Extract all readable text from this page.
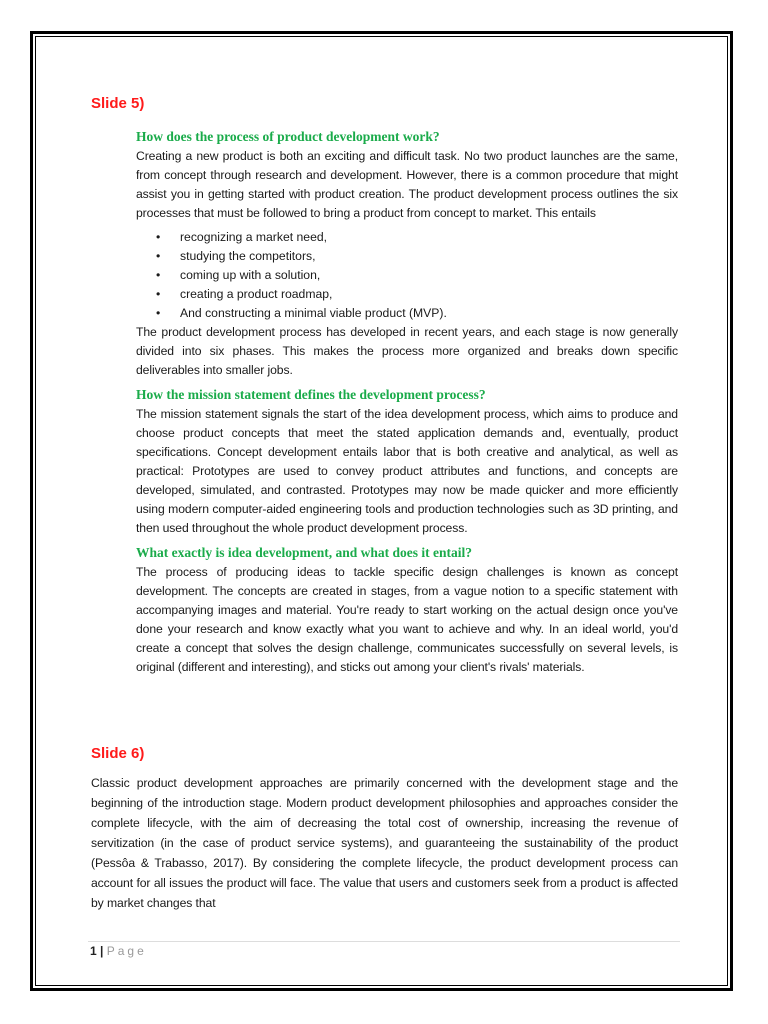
Slide 5)
How does the process of product development work?

Creating a new product is both an exciting and difficult task. No two product launches are the same, from concept through research and development. However, there is a common procedure that might assist you in getting started with product creation. The product development process outlines the six processes that must be followed to bring a product from concept to market. This entails

• recognizing a market need,
• studying the competitors,
• coming up with a solution,
• creating a product roadmap,
• And constructing a minimal viable product (MVP).

The product development process has developed in recent years, and each stage is now generally divided into six phases. This makes the process more organized and breaks down specific deliverables into smaller jobs.

How the mission statement defines the development process?

The mission statement signals the start of the idea development process, which aims to produce and choose product concepts that meet the stated application demands and, eventually, product specifications. Concept development entails labor that is both creative and analytical, as well as practical: Prototypes are used to convey product attributes and functions, and concepts are developed, simulated, and contrasted. Prototypes may now be made quicker and more efficiently using modern computer-aided engineering tools and production technologies such as 3D printing, and then used throughout the whole product development process.

What exactly is idea development, and what does it entail?

The process of producing ideas to tackle specific design challenges is known as concept development. The concepts are created in stages, from a vague notion to a specific statement with accompanying images and material. You're ready to start working on the actual design once you've done your research and know exactly what you want to achieve and why. In an ideal world, you'd create a concept that solves the design challenge, communicates successfully on several levels, is original (different and interesting), and sticks out among your client's rivals' materials.

Slide 6)

Classic product development approaches are primarily concerned with the development stage and the beginning of the introduction stage. Modern product development philosophies and approaches consider the complete lifecycle, with the aim of decreasing the total cost of ownership, increasing the revenue of servitization (in the case of product service systems), and guaranteeing the sustainability of the product (Pessôa & Trabasso, 2017). By considering the complete lifecycle, the product development process can account for all issues the product will face. The value that users and customers seek from a product is affected by market changes that

1 | Page
